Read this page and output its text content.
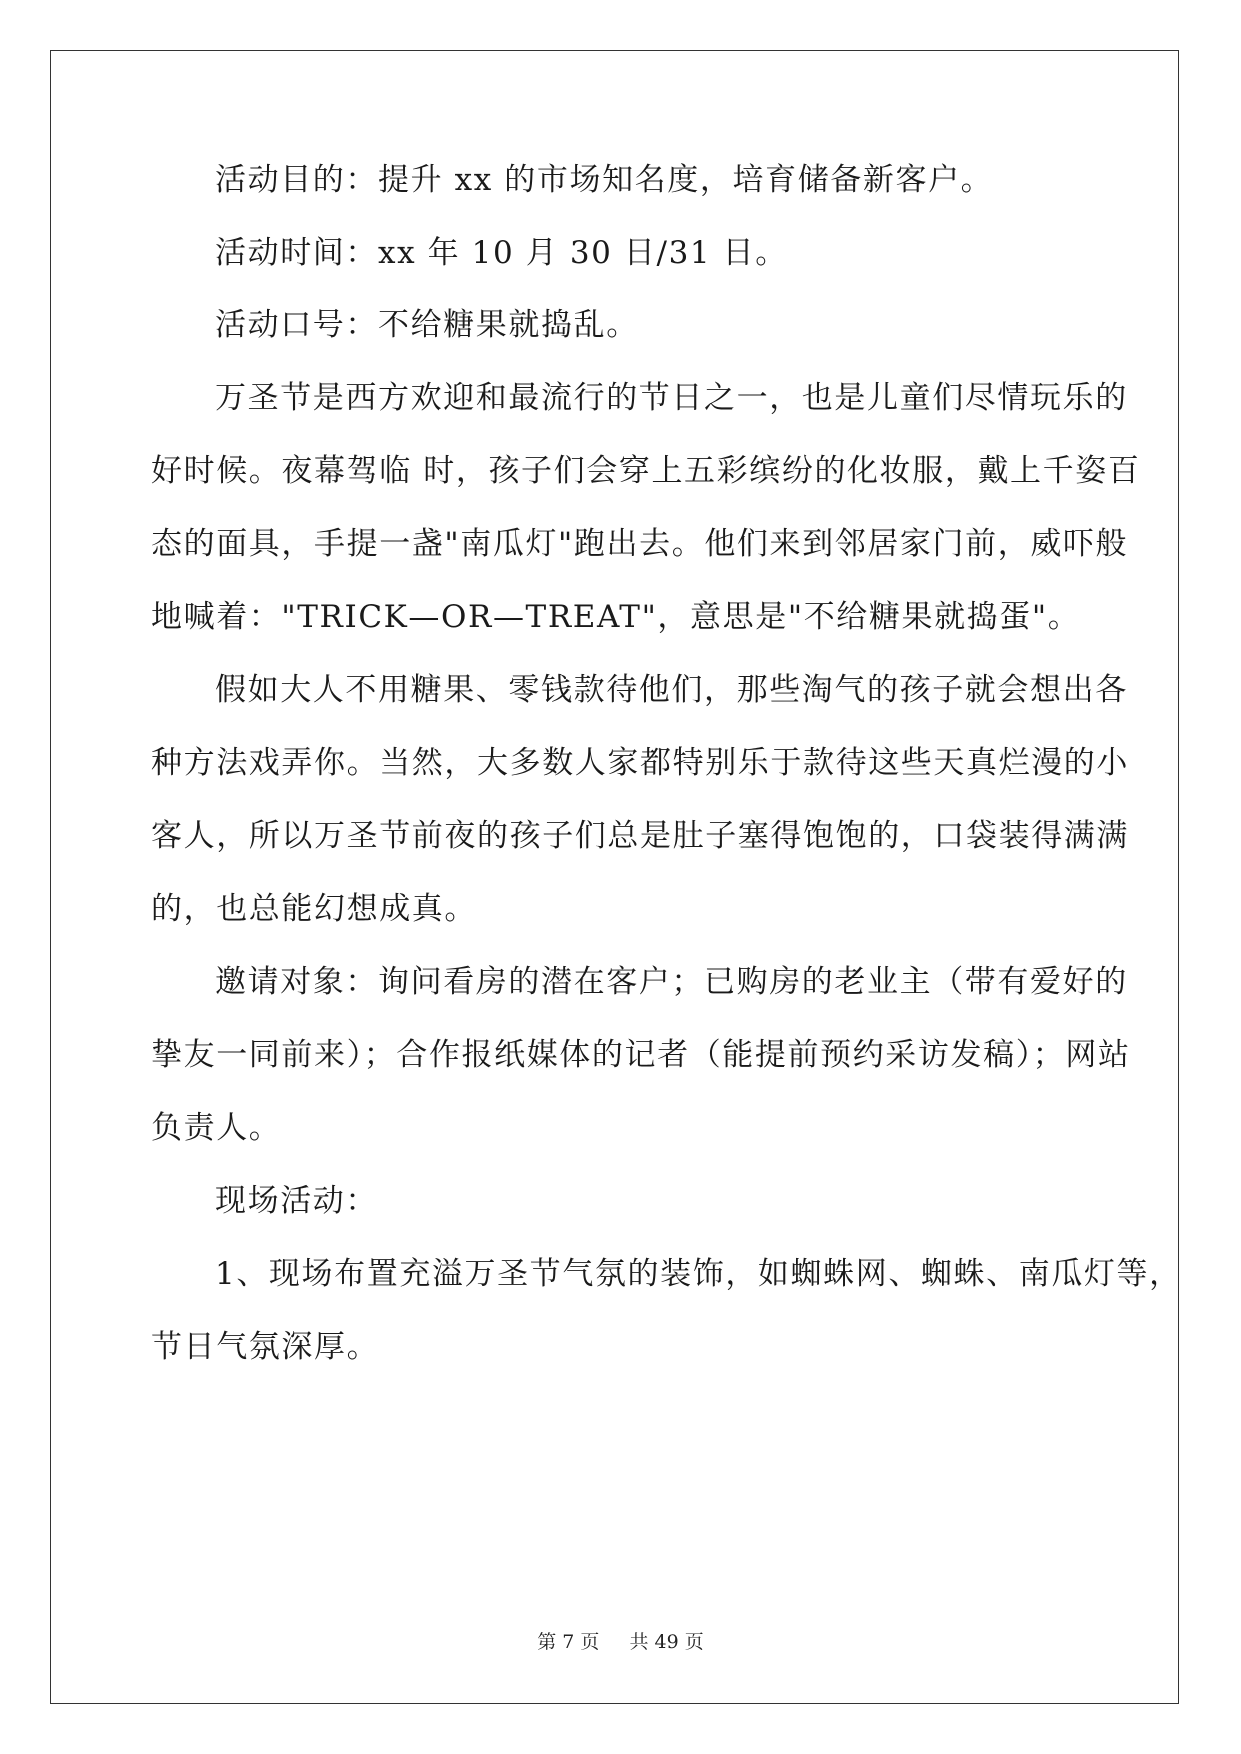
活动目的：提升 xx 的市场知名度，培育储备新客户。
活动时间：xx 年 10 月 30 日/31 日。
活动口号：不给糖果就捣乱。
万圣节是西方欢迎和最流行的节日之一，也是儿童们尽情玩乐的
好时候。夜幕驾临 时，孩子们会穿上五彩缤纷的化妆服，戴上千姿百
态的面具，手提一盏"南瓜灯"跑出去。他们来到邻居家门前，威吓般
地喊着："TRICK—OR—TREAT"，意思是"不给糖果就捣蛋"。
假如大人不用糖果、零钱款待他们，那些淘气的孩子就会想出各
种方法戏弄你。当然，大多数人家都特别乐于款待这些天真烂漫的小
客人，所以万圣节前夜的孩子们总是肚子塞得饱饱的，口袋装得满满
的，也总能幻想成真。
邀请对象：询问看房的潜在客户；已购房的老业主（带有爱好的
挚友一同前来）；合作报纸媒体的记者（能提前预约采访发稿）；网站
负责人。
现场活动：
1、现场布置充溢万圣节气氛的装饰，如蜘蛛网、蜘蛛、南瓜灯等，
节日气氛深厚。
第 7 页 共 49 页
